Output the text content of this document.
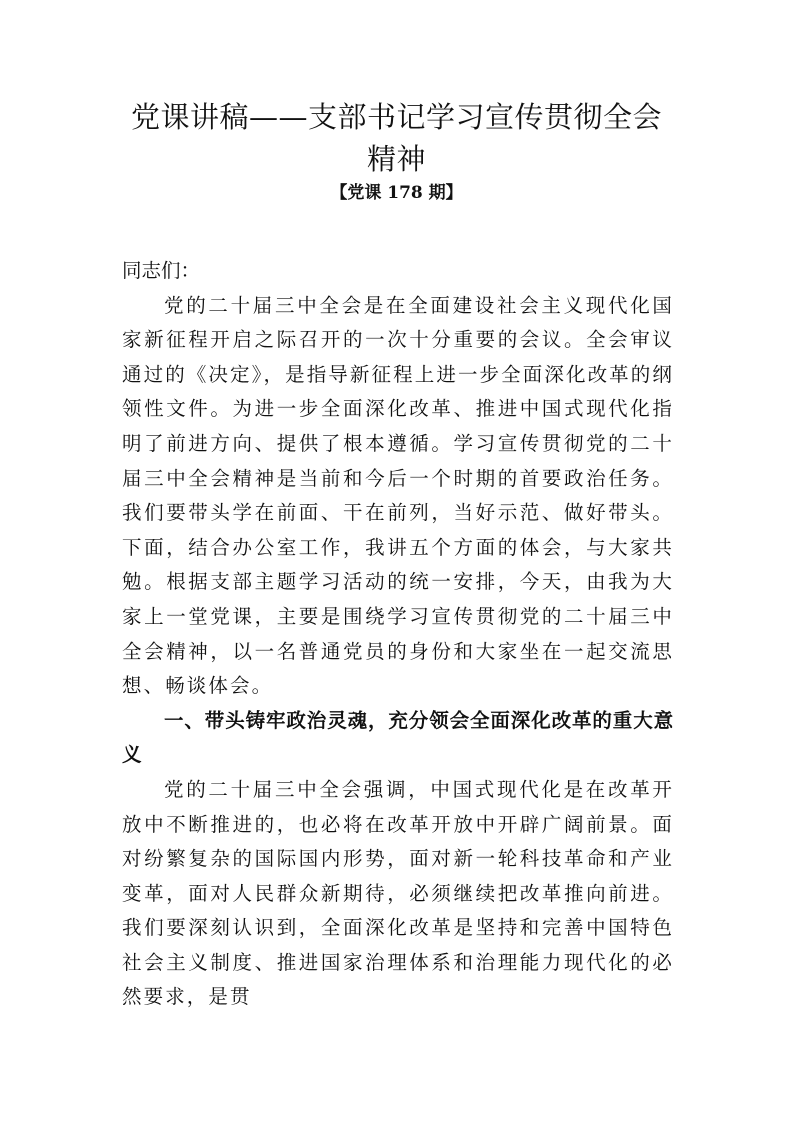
党课讲稿——支部书记学习宣传贯彻全会
精神
【党课 178 期】

同志们：

党的二十届三中全会是在全面建设社会主义现代化国家新征程开启之际召开的一次十分重要的会议。全会审议通过的《决定》，是指导新征程上进一步全面深化改革的纲领性文件。为进一步全面深化改革、推进中国式现代化指明了前进方向、提供了根本遵循。学习宣传贯彻党的二十届三中全会精神是当前和今后一个时期的首要政治任务。我们要带头学在前面、干在前列，当好示范、做好带头。下面，结合办公室工作，我讲五个方面的体会，与大家共勉。根据支部主题学习活动的统一安排，今天，由我为大家上一堂党课，主要是围绕学习宣传贯彻党的二十届三中全会精神，以一名普通党员的身份和大家坐在一起交流思想、畅谈体会。

一、带头铸牢政治灵魂，充分领会全面深化改革的重大意义

党的二十届三中全会强调，中国式现代化是在改革开放中不断推进的，也必将在改革开放中开辟广阔前景。面对纷繁复杂的国际国内形势，面对新一轮科技革命和产业变革，面对人民群众新期待，必须继续把改革推向前进。我们要深刻认识到，全面深化改革是坚持和完善中国特色社会主义制度、推进国家治理体系和治理能力现代化的必然要求，是贯
